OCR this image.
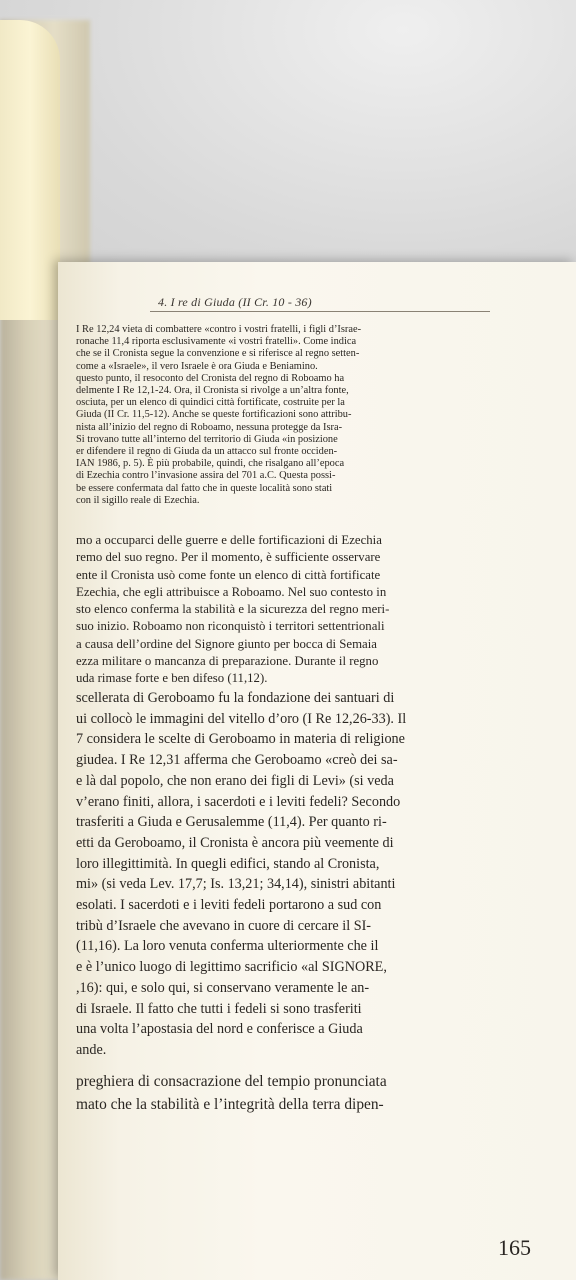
4. I re di Giuda (II Cr. 10 - 36)
I Re 12,24 vieta di combattere «contro i vostri fratelli, i figli d’Israe-
ronache 11,4 riporta esclusivamente «i vostri fratelli». Come indica
che se il Cronista segue la convenzione e si riferisce al regno setten-
come a «Israele», il vero Israele è ora Giuda e Beniamino.
questo punto, il resoconto del Cronista del regno di Roboamo ha
delmente I Re 12,1-24. Ora, il Cronista si rivolge a un’altra fonte,
osciuta, per un elenco di quindici città fortificate, costruite per la
Giuda (II Cr. 11,5-12). Anche se queste fortificazioni sono attribu-
nista all’inizio del regno di Roboamo, nessuna protegge da Isra-
Si trovano tutte all’interno del territorio di Giuda «in posizione
er difendere il regno di Giuda da un attacco sul fronte occiden-
IAN 1986, p. 5). È più probabile, quindi, che risalgano all’epoca
di Ezechia contro l’invasione assira del 701 a.C. Questa possi-
be essere confermata dal fatto che in queste località sono stati
con il sigillo reale di Ezechia.
mo a occuparci delle guerre e delle fortificazioni di Ezechia
remo del suo regno. Per il momento, è sufficiente osservare
ente il Cronista usò come fonte un elenco di città fortificate
Ezechia, che egli attribuisce a Roboamo. Nel suo contesto in
sto elenco conferma la stabilità e la sicurezza del regno meri-
suo inizio. Roboamo non riconquistò i territori settentrionali
a causa dell’ordine del Signore giunto per bocca di Semaia
ezza militare o mancanza di preparazione. Durante il regno
uda rimase forte e ben difeso (11,12).
scellerata di Geroboamo fu la fondazione dei santuari di
ui collocò le immagini del vitello d’oro (I Re 12,26-33). Il
7 considera le scelte di Geroboamo in materia di religione
giudea. I Re 12,31 afferma che Geroboamo «creò dei sa-
e là dal popolo, che non erano dei figli di Levi» (si veda
v’erano finiti, allora, i sacerdoti e i leviti fedeli? Secondo
trasferiti a Giuda e Gerusalemme (11,4). Per quanto ri-
etti da Geroboamo, il Cronista è ancora più veemente di
loro illegittimità. In quegli edifici, stando al Cronista,
mi» (si veda Lev. 17,7; Is. 13,21; 34,14), sinistri abitanti
esolati. I sacerdoti e i leviti fedeli portarono a sud con
tribù d’Israele che avevano in cuore di cercare il SI-
(11,16). La loro venuta conferma ulteriormente che il
e è l’unico luogo di legittimo sacrificio «al SIGNORE,
,16): qui, e solo qui, si conservano veramente le an-
di Israele. Il fatto che tutti i fedeli si sono trasferiti
una volta l’apostasia del nord e conferisce a Giuda
ande.
preghiera di consacrazione del tempio pronunciata
mato che la stabilità e l’integrità della terra dipen-
165
